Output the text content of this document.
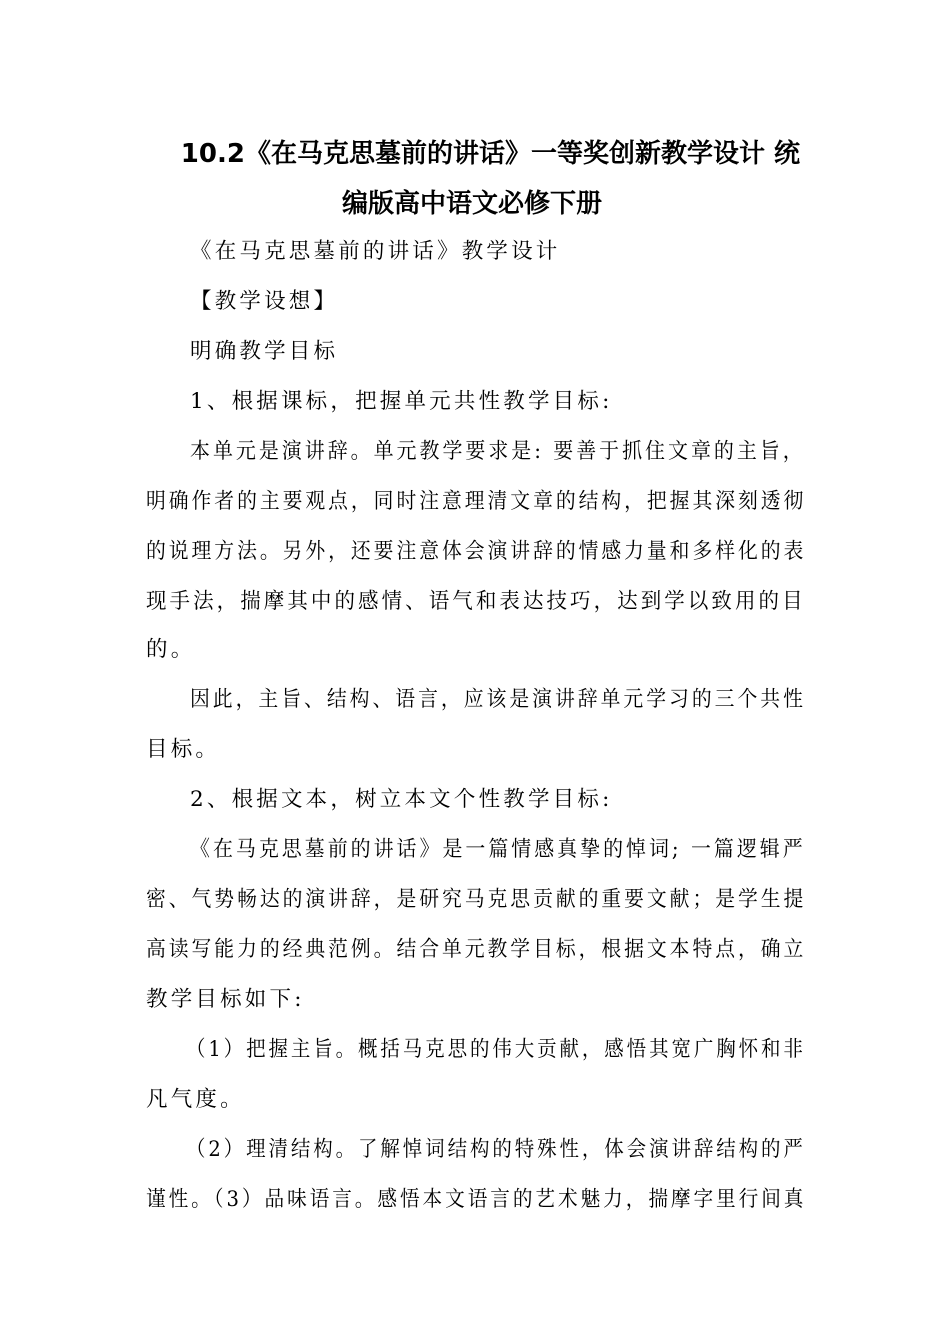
10.2《在马克思墓前的讲话》一等奖创新教学设计 统
编版高中语文必修下册
《在马克思墓前的讲话》教学设计
【教学设想】
明确教学目标
1、根据课标，把握单元共性教学目标:
本单元是演讲辞。单元教学要求是: 要善于抓住文章的主旨，
明确作者的主要观点，同时注意理清文章的结构，把握其深刻透彻
的说理方法。另外，还要注意体会演讲辞的情感力量和多样化的表
现手法，揣摩其中的感情、语气和表达技巧，达到学以致用的目
的。
因此，主旨、结构、语言，应该是演讲辞单元学习的三个共性
目标。
2、根据文本，树立本文个性教学目标:
《在马克思墓前的讲话》是一篇情感真挚的悼词; 一篇逻辑严
密、气势畅达的演讲辞，是研究马克思贡献的重要文献；是学生提
高读写能力的经典范例。结合单元教学目标，根据文本特点，确立
教学目标如下:
（1）把握主旨。概括马克思的伟大贡献，感悟其宽广胸怀和非
凡气度。
（2）理清结构。了解悼词结构的特殊性，体会演讲辞结构的严
谨性。（3）品味语言。感悟本文语言的艺术魅力，揣摩字里行间真
